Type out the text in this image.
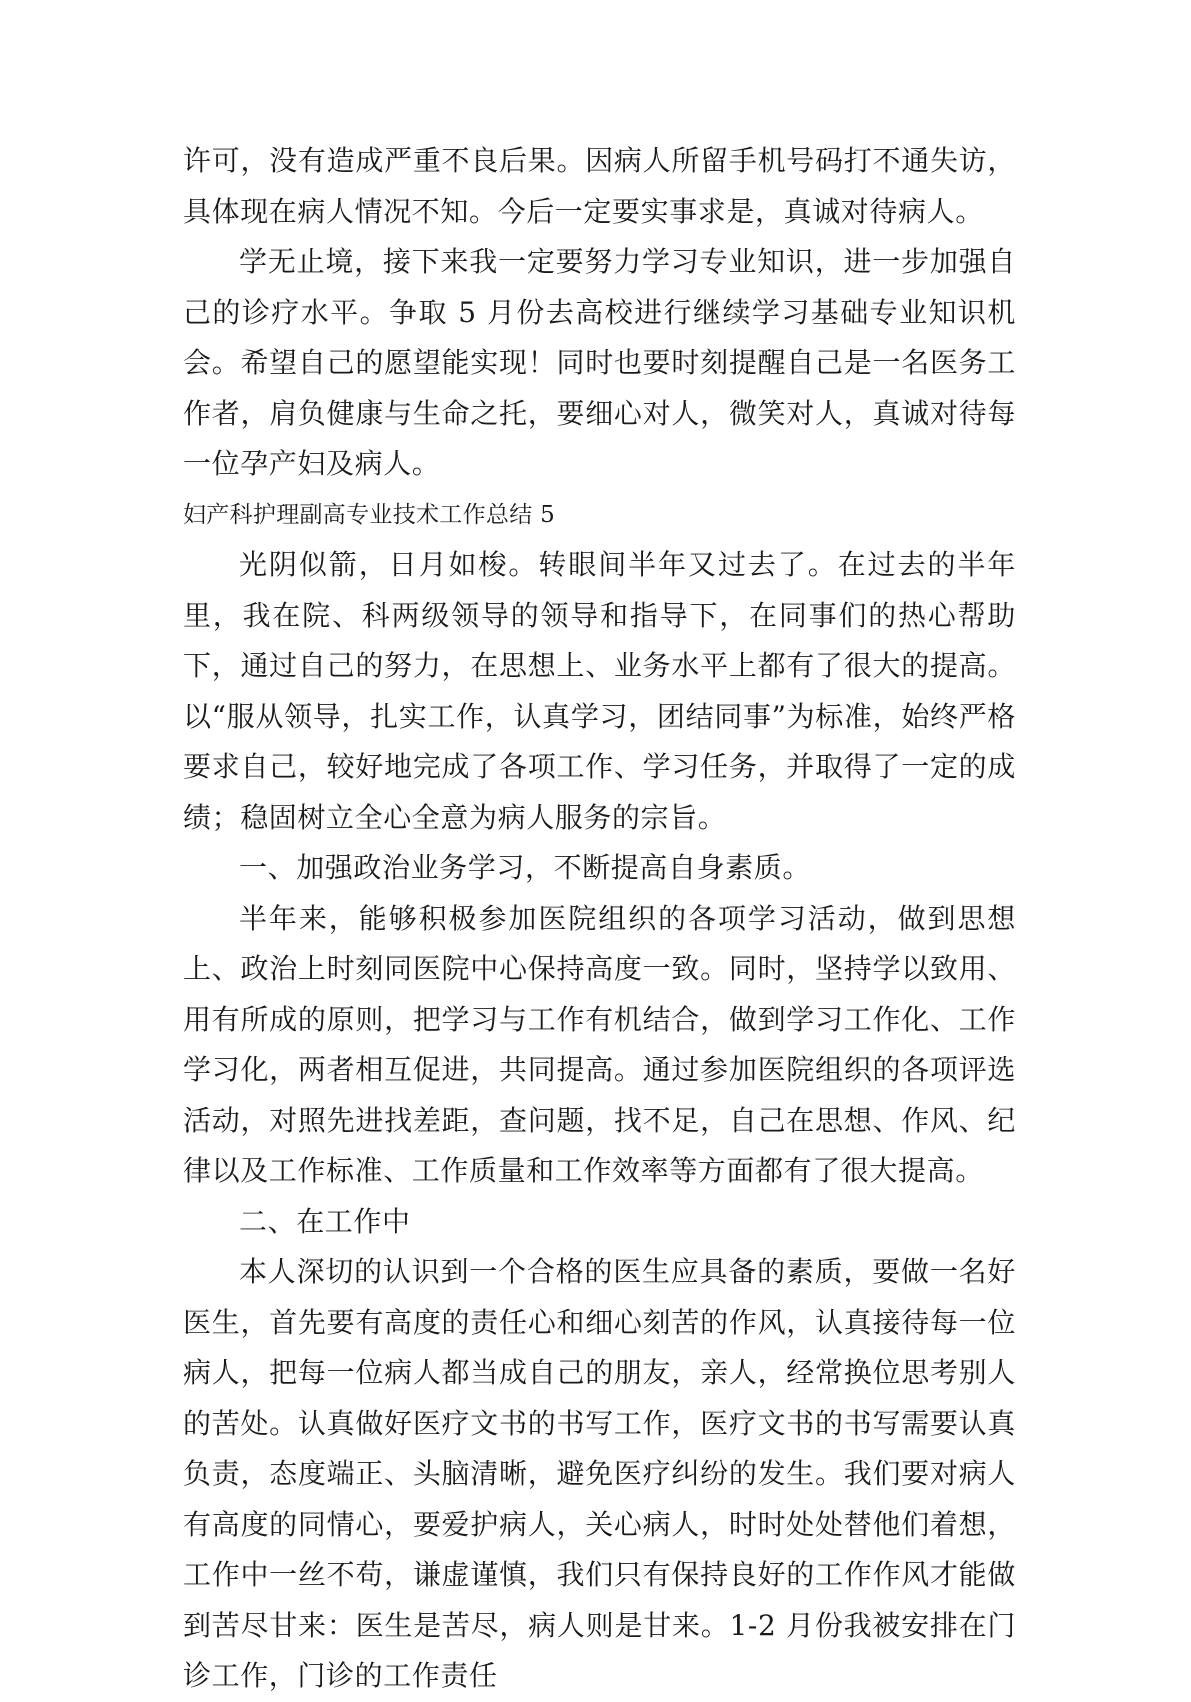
许可，没有造成严重不良后果。因病人所留手机号码打不通失访，具体现在病人情况不知。今后一定要实事求是，真诚对待病人。

学无止境，接下来我一定要努力学习专业知识，进一步加强自己的诊疗水平。争取 5 月份去高校进行继续学习基础专业知识机会。希望自己的愿望能实现！同时也要时刻提醒自己是一名医务工作者，肩负健康与生命之托，要细心对人，微笑对人，真诚对待每一位孕产妇及病人。

妇产科护理副高专业技术工作总结 5

光阴似箭，日月如梭。转眼间半年又过去了。在过去的半年里，我在院、科两级领导的领导和指导下，在同事们的热心帮助下，通过自己的努力，在思想上、业务水平上都有了很大的提高。以“服从领导，扎实工作，认真学习，团结同事”为标准，始终严格要求自己，较好地完成了各项工作、学习任务，并取得了一定的成绩；稳固树立全心全意为病人服务的宗旨。

一、加强政治业务学习，不断提高自身素质。

半年来，能够积极参加医院组织的各项学习活动，做到思想上、政治上时刻同医院中心保持高度一致。同时，坚持学以致用、用有所成的原则，把学习与工作有机结合，做到学习工作化、工作学习化，两者相互促进，共同提高。通过参加医院组织的各项评选活动，对照先进找差距，查问题，找不足，自己在思想、作风、纪律以及工作标准、工作质量和工作效率等方面都有了很大提高。

二、在工作中

本人深切的认识到一个合格的医生应具备的素质，要做一名好医生，首先要有高度的责任心和细心刻苦的作风，认真接待每一位病人，把每一位病人都当成自己的朋友，亲人，经常换位思考别人的苦处。认真做好医疗文书的书写工作，医疗文书的书写需要认真负责，态度端正、头脑清晰，避免医疗纠纷的发生。我们要对病人有高度的同情心，要爱护病人，关心病人，时时处处替他们着想，工作中一丝不苟，谦虚谨慎，我们只有保持良好的工作作风才能做到苦尽甘来：医生是苦尽，病人则是甘来。1-2 月份我被安排在门诊工作，门诊的工作责任
